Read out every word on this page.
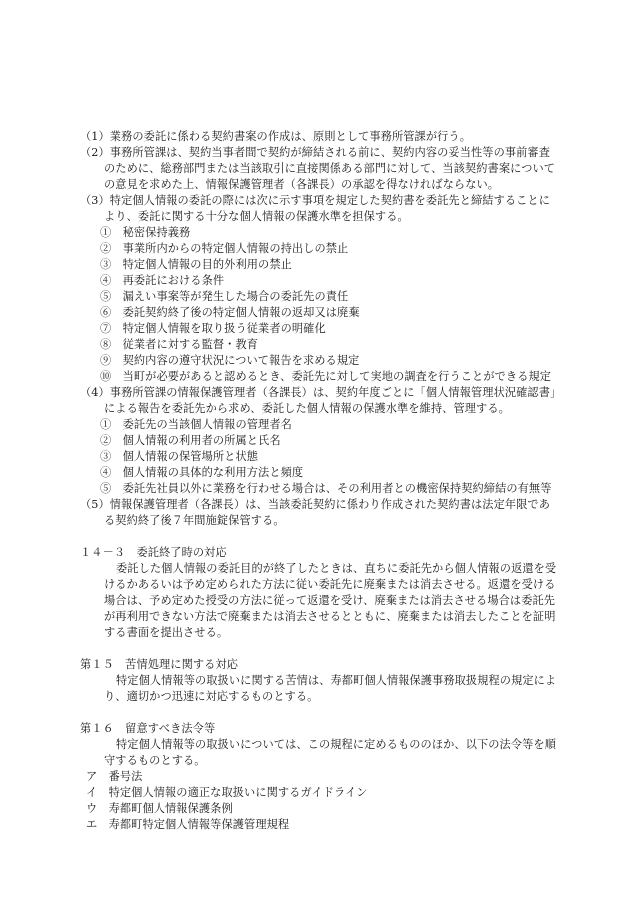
（1）業務の委託に係わる契約書案の作成は、原則として事務所管課が行う。
（2）事務所管課は、契約当事者間で契約が締結される前に、契約内容の妥当性等の事前審査
のために、総務部門または当該取引に直接関係ある部門に対して、当該契約書案について
の意見を求めた上、情報保護管理者（各課長）の承認を得なければならない。
（3）特定個人情報の委託の際には次に示す事項を規定した契約書を委託先と締結することに
より、委託に関する十分な個人情報の保護水準を担保する。
①　秘密保持義務
②　事業所内からの特定個人情報の持出しの禁止
③　特定個人情報の目的外利用の禁止
④　再委託における条件
⑤　漏えい事案等が発生した場合の委託先の責任
⑥　委託契約終了後の特定個人情報の返却又は廃棄
⑦　特定個人情報を取り扱う従業者の明確化
⑧　従業者に対する監督・教育
⑨　契約内容の遵守状況について報告を求める規定
⑩　当町が必要があると認めるとき、委託先に対して実地の調査を行うことができる規定
（4）事務所管課の情報保護管理者（各課長）は、契約年度ごとに「個人情報管理状況確認書」
による報告を委託先から求め、委託した個人情報の保護水準を維持、管理する。
①　委託先の当該個人情報の管理者名
②　個人情報の利用者の所属と氏名
③　個人情報の保管場所と状態
④　個人情報の具体的な利用方法と頻度
⑤　委託先社員以外に業務を行わせる場合は、その利用者との機密保持契約締結の有無等
（5）情報保護管理者（各課長）は、当該委託契約に係わり作成された契約書は法定年限であ
る契約終了後７年間施錠保管する。
１４－３　委託終了時の対応
委託した個人情報の委託目的が終了したときは、直ちに委託先から個人情報の返還を受
けるかあるいは予め定められた方法に従い委託先に廃棄または消去させる。返還を受ける
場合は、予め定めた授受の方法に従って返還を受け、廃棄または消去させる場合は委託先
が再利用できない方法で廃棄または消去させるとともに、廃棄または消去したことを証明
する書面を提出させる。
第１５　苦情処理に関する対応
特定個人情報等の取扱いに関する苦情は、寿都町個人情報保護事務取扱規程の規定によ
り、適切かつ迅速に対応するものとする。
第１６　留意すべき法令等
特定個人情報等の取扱いについては、この規程に定めるもののほか、以下の法令等を順
守するものとする。
ア　番号法
イ　特定個人情報の適正な取扱いに関するガイドライン
ウ　寿都町個人情報保護条例
エ　寿都町特定個人情報等保護管理規程
